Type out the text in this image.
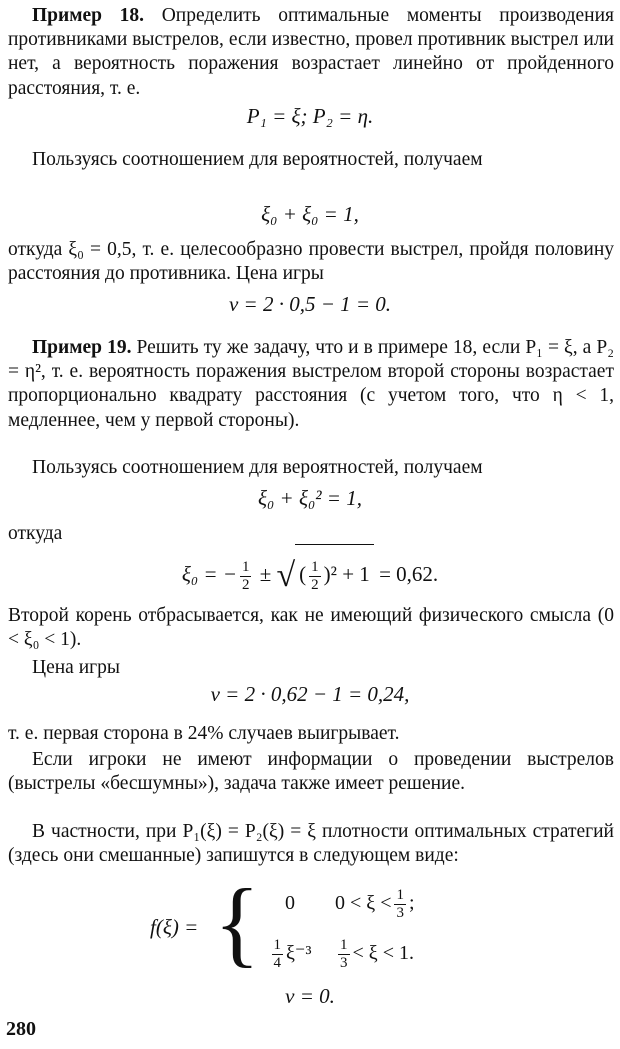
Пример 18. Определить оптимальные моменты производения противниками выстрелов, если известно, провел противник выстрел или нет, а вероятность поражения возрастает линейно от пройденного расстояния, т. е.

P₁ = ξ; P₂ = η.

Пользуясь соотношением для вероятностей, получаем

ξ₀ + ξ₀ = 1,

откуда ξ₀ = 0,5, т. е. целесообразно провести выстрел, пройдя половину расстояния до противника. Цена игры

v = 2 · 0,5 − 1 = 0.

Пример 19. Решить ту же задачу, что и в примере 18, если P₁ = ξ, а P₂ = η², т. е. вероятность поражения выстрелом второй стороны возрастает пропорционально квадрату расстояния (с учетом того, что η < 1, медленнее, чем у первой стороны).

Пользуясь соотношением для вероятностей, получаем

ξ₀ + ξ₀² = 1,

откуда

ξ₀ = − $\frac{1}{2}$ ± √ ( $\frac{1}{2} )^2 + 1 = 0,62$.

Второй корень отбрасывается, как не имеющий физического смысла (0 < ξ₀ < 1).

Цена игры

v = 2 · 0,62 − 1 = 0,24,

т. е. первая сторона в 24% случаев выигрывает.

Если игроки не имеют информации о проведении выстрелов (выстрелы «бесшумны»), задача также имеет решение.

В частности, при P₁(ξ) = P₂(ξ) = ξ плотности оптимальных стратегий (здесь они смешанные) запишутся в следующем виде:

f(ξ) = {	0 $0 < \xi < \frac{1}{3}$ ;
$\frac{1}{4} \xi^{-3} \frac{1}{3} < \xi < 1$.
v = 0.
280
